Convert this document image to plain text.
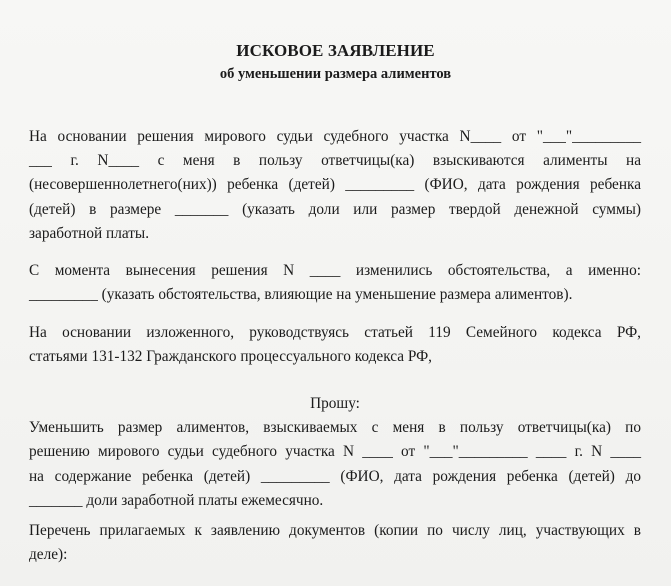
ИСКОВОЕ ЗАЯВЛЕНИЕ
об уменьшении размера алиментов
На основании решения мирового судьи судебного участка N____ от "___"_________
___ г. N____ с меня в пользу ответчицы(ка) взыскиваются алименты на
(несовершеннолетнего(них)) ребенка (детей) _________ (ФИО, дата рождения ребенка
(детей) в размере _______ (указать доли или размер твердой денежной суммы)
заработной платы.
С момента вынесения решения N ____ изменились обстоятельства, а именно:
_________ (указать обстоятельства, влияющие на уменьшение размера алиментов).
На основании изложенного, руководствуясь статьей 119 Семейного кодекса РФ,
статьями 131-132 Гражданского процессуального кодекса РФ,
Прошу:
Уменьшить размер алиментов, взыскиваемых с меня в пользу ответчицы(ка) по
решению мирового судьи судебного участка N ____ от "___"_________ ____ г. N ____
на содержание ребенка (детей) _________ (ФИО, дата рождения ребенка (детей) до
_______ доли заработной платы ежемесячно.
Перечень прилагаемых к заявлению документов (копии по числу лиц, участвующих в
деле):
